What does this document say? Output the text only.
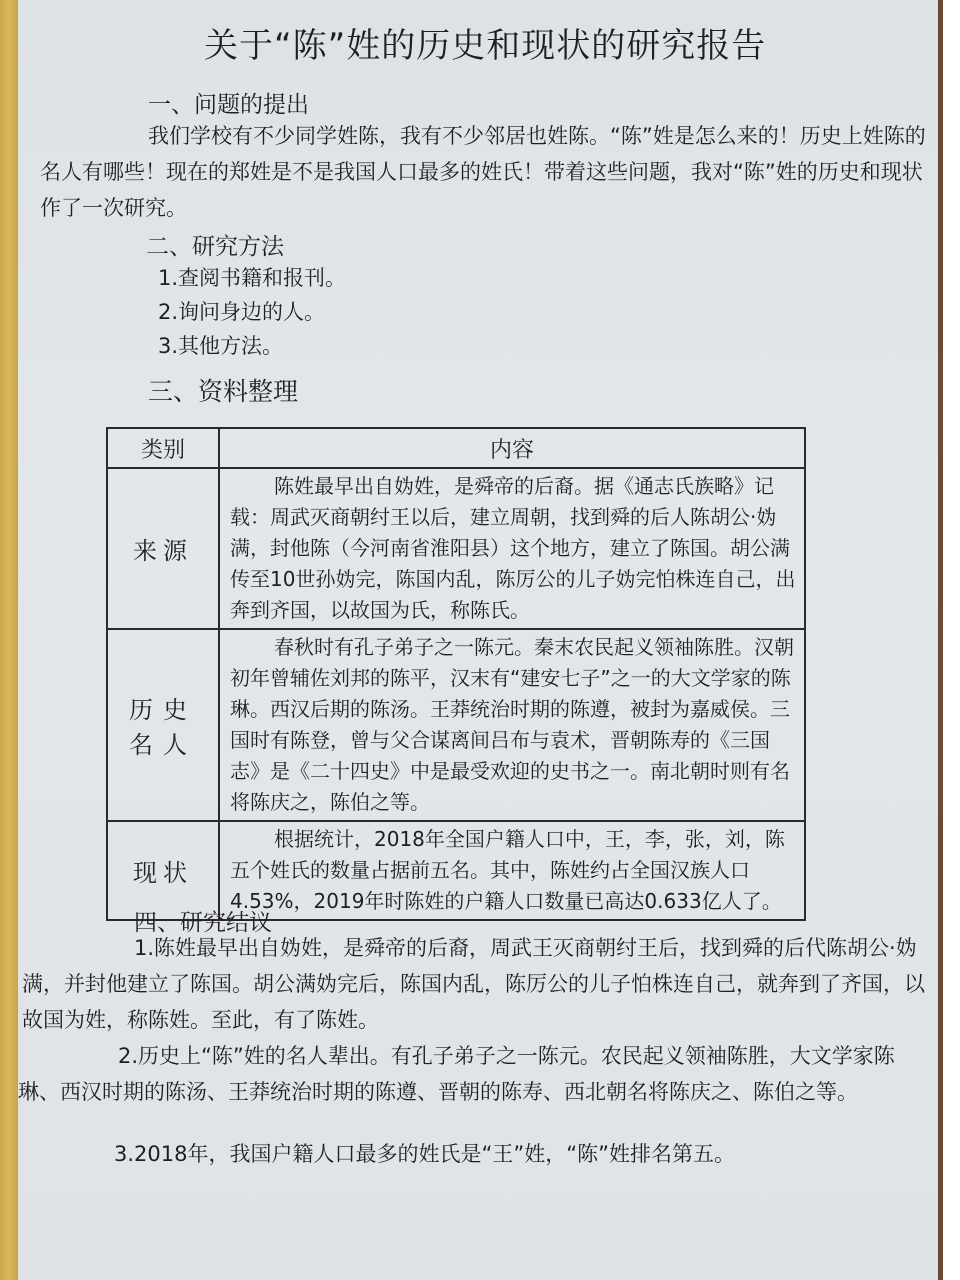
关于“陈”姓的历史和现状的研究报告
一、问题的提出
我们学校有不少同学姓陈，我有不少邻居也姓陈。“陈”姓是怎么来的！历史上姓陈的名人有哪些！现在的郑姓是不是我国人口最多的姓氏！带着这些问题，我对“陈”姓的历史和现状作了一次研究。
二、研究方法
1.查阅书籍和报刊。
2.询问身边的人。
3.其他方法。
三、资料整理
类别	内容
来源	陈姓最早出自妫姓，是舜帝的后裔。据《通志氏族略》记载：周武灭商朝纣王以后，建立周朝，找到舜的后人陈胡公·妫满，封他陈（今河南省淮阳县）这个地方，建立了陈国。胡公满传至10世孙妫完，陈国内乱，陈厉公的儿子妫完怕株连自己，出奔到齐国，以故国为氏，称陈氏。
历史名人	春秋时有孔子弟子之一陈元。秦末农民起义领袖陈胜。汉朝初年曾辅佐刘邦的陈平，汉末有“建安七子”之一的大文学家的陈琳。西汉后期的陈汤。王莽统治时期的陈遵，被封为嘉威侯。三国时有陈登，曾与父合谋离间吕布与袁术，晋朝陈寿的《三国志》是《二十四史》中是最受欢迎的史书之一。南北朝时则有名将陈庆之，陈伯之等。
现状	根据统计，2018年全国户籍人口中，王，李，张，刘，陈五个姓氏的数量占据前五名。其中，陈姓约占全国汉族人口4.53%，2019年时陈姓的户籍人口数量已高达0.633亿人了。
四、研究结议
1.陈姓最早出自妫姓，是舜帝的后裔，周武王灭商朝纣王后，找到舜的后代陈胡公·妫满，并封他建立了陈国。胡公满妫完后，陈国内乱，陈厉公的儿子怕株连自己，就奔到了齐国，以故国为姓，称陈姓。至此，有了陈姓。
2.历史上“陈”姓的名人辈出。有孔子弟子之一陈元。农民起义领袖陈胜，大文学家陈琳、西汉时期的陈汤、王莽统治时期的陈遵、晋朝的陈寿、西北朝名将陈庆之、陈伯之等。
3.2018年，我国户籍人口最多的姓氏是“王”姓，“陈”姓排名第五。
